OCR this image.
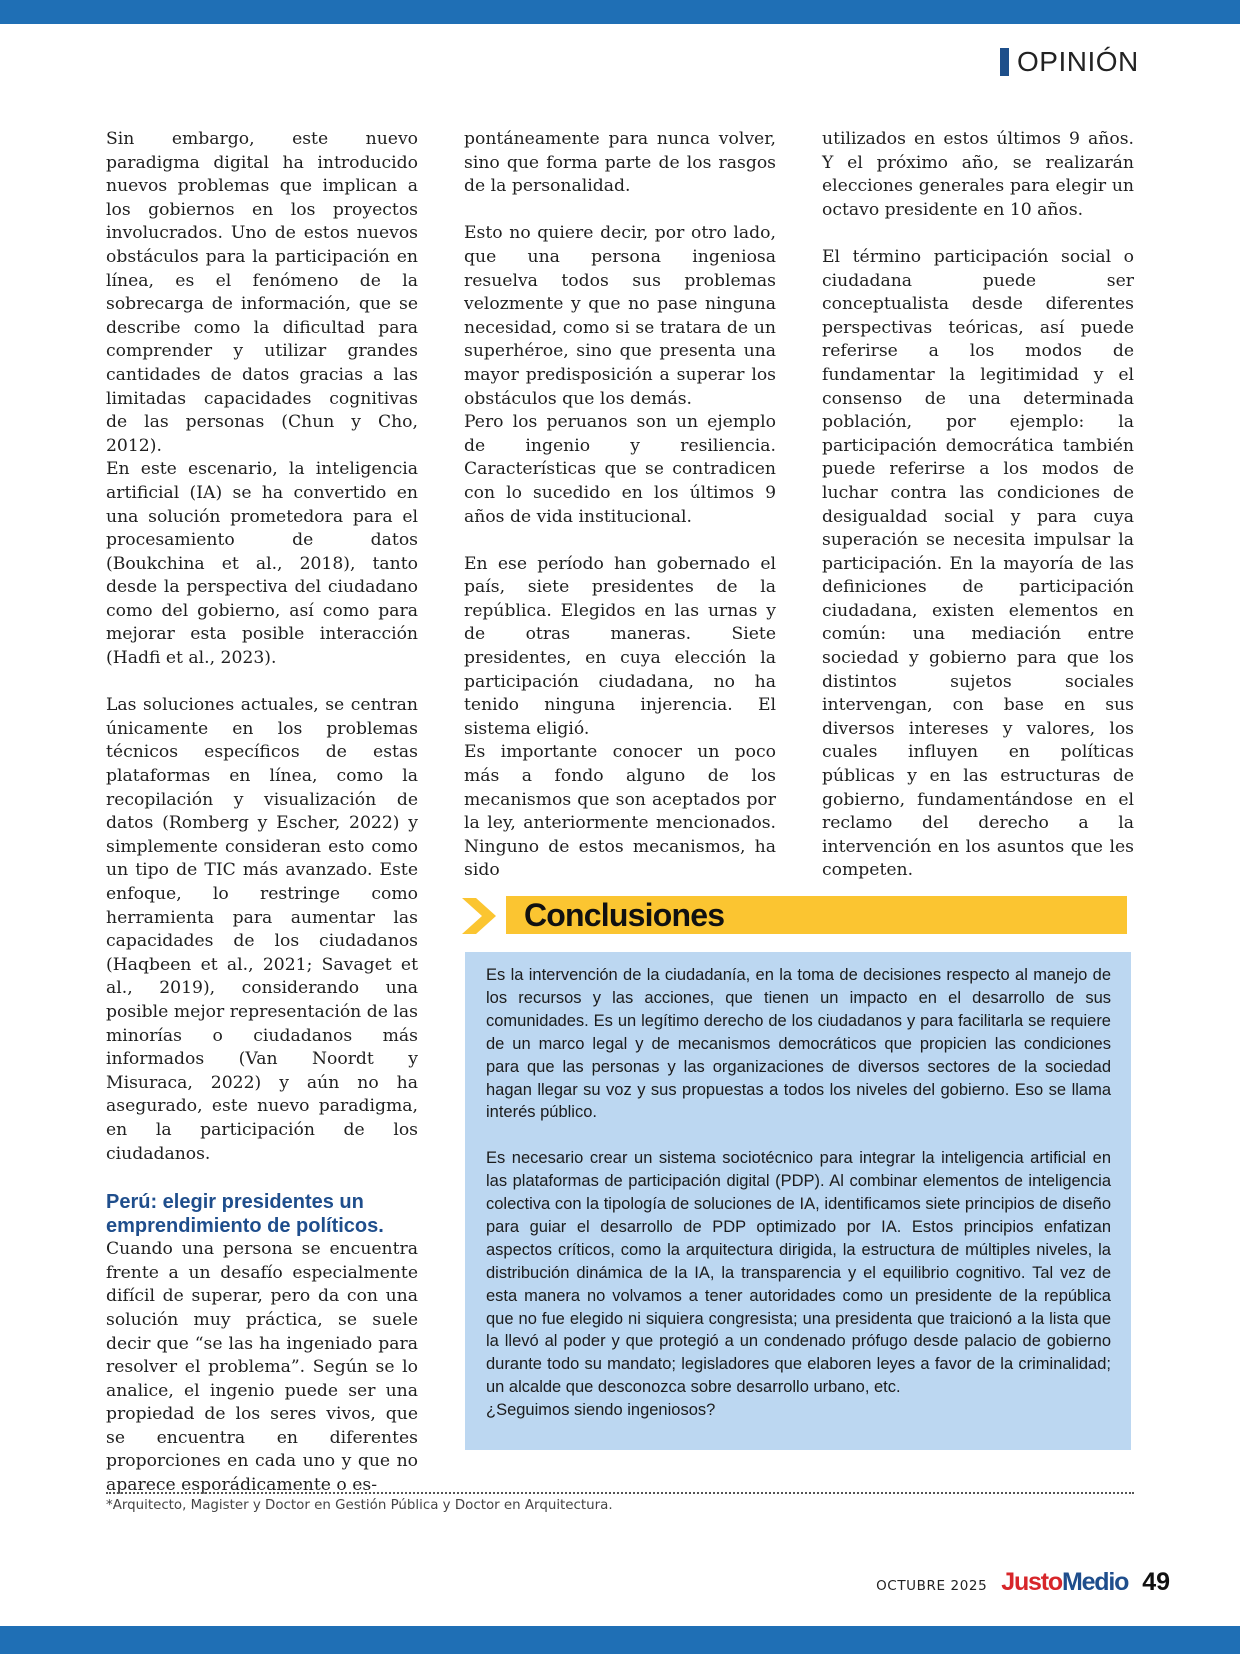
OPINIÓN

Sin embargo, este nuevo paradigma digital ha introducido nuevos problemas que implican a los gobiernos en los proyectos involucrados. Uno de estos nuevos obstáculos para la participación en línea, es el fenómeno de la sobrecarga de información, que se describe como la dificultad para comprender y utilizar grandes cantidades de datos gracias a las limitadas capacidades cognitivas de las personas (Chun y Cho, 2012).

En este escenario, la inteligencia artificial (IA) se ha convertido en una solución prometedora para el procesamiento de datos (Boukchina et al., 2018), tanto desde la perspectiva del ciudadano como del gobierno, así como para mejorar esta posible interacción (Hadfi et al., 2023).

Las soluciones actuales, se centran únicamente en los problemas técnicos específicos de estas plataformas en línea, como la recopilación y visualización de datos (Romberg y Escher, 2022) y simplemente consideran esto como un tipo de TIC más avanzado. Este enfoque, lo restringe como herramienta para aumentar las capacidades de los ciudadanos (Haqbeen et al., 2021; Savaget et al., 2019), considerando una posible mejor representación de las minorías o ciudadanos más informados (Van Noordt y Misuraca, 2022) y aún no ha asegurado, este nuevo paradigma, en la participación de los ciudadanos.

Perú: elegir presidentes un emprendimiento de políticos.

Cuando una persona se encuentra frente a un desafío especialmente difícil de superar, pero da con una solución muy práctica, se suele decir que “se las ha ingeniado para resolver el problema”. Según se lo analice, el ingenio puede ser una propiedad de los seres vivos, que se encuentra en diferentes proporciones en cada uno y que no aparece esporádicamente o es-

pontáneamente para nunca volver, sino que forma parte de los rasgos de la personalidad.

Esto no quiere decir, por otro lado, que una persona ingeniosa resuelva todos sus problemas velozmente y que no pase ninguna necesidad, como si se tratara de un superhéroe, sino que presenta una mayor predisposición a superar los obstáculos que los demás.

Pero los peruanos son un ejemplo de ingenio y resiliencia. Características que se contradicen con lo sucedido en los últimos 9 años de vida institucional.

En ese período han gobernado el país, siete presidentes de la república. Elegidos en las urnas y de otras maneras. Siete presidentes, en cuya elección la participación ciudadana, no ha tenido ninguna injerencia. El sistema eligió.

Es importante conocer un poco más a fondo alguno de los mecanismos que son aceptados por la ley, anteriormente mencionados. Ninguno de estos mecanismos, ha sido

utilizados en estos últimos 9 años. Y el próximo año, se realizarán elecciones generales para elegir un octavo presidente en 10 años.

El término participación social o ciudadana puede ser conceptualista desde diferentes perspectivas teóricas, así puede referirse a los modos de fundamentar la legitimidad y el consenso de una determinada población, por ejemplo: la participación democrática también puede referirse a los modos de luchar contra las condiciones de desigualdad social y para cuya superación se necesita impulsar la participación. En la mayoría de las definiciones de participación ciudadana, existen elementos en común: una mediación entre sociedad y gobierno para que los distintos sujetos sociales intervengan, con base en sus diversos intereses y valores, los cuales influyen en políticas públicas y en las estructuras de gobierno, fundamentándose en el reclamo del derecho a la intervención en los asuntos que les competen.

Conclusiones

Es la intervención de la ciudadanía, en la toma de decisiones respecto al manejo de los recursos y las acciones, que tienen un impacto en el desarrollo de sus comunidades. Es un legítimo derecho de los ciudadanos y para facilitarla se requiere de un marco legal y de mecanismos democráticos que propicien las condiciones para que las personas y las organizaciones de diversos sectores de la sociedad hagan llegar su voz y sus propuestas a todos los niveles del gobierno. Eso se llama interés público.

Es necesario crear un sistema sociotécnico para integrar la inteligencia artificial en las plataformas de participación digital (PDP). Al combinar elementos de inteligencia colectiva con la tipología de soluciones de IA, identificamos siete principios de diseño para guiar el desarrollo de PDP optimizado por IA. Estos principios enfatizan aspectos críticos, como la arquitectura dirigida, la estructura de múltiples niveles, la distribución dinámica de la IA, la transparencia y el equilibrio cognitivo. Tal vez de esta manera no volvamos a tener autoridades como un presidente de la república que no fue elegido ni siquiera congresista; una presidenta que traicionó a la lista que la llevó al poder y que protegió a un condenado prófugo desde palacio de gobierno durante todo su mandato; legisladores que elaboren leyes a favor de la criminalidad; un alcalde que desconozca sobre desarrollo urbano, etc.

¿Seguimos siendo ingeniosos?

*Arquitecto, Magister y Doctor en Gestión Pública y Doctor en Arquitectura.
OCTUBRE 2025 JustoMedio 49
